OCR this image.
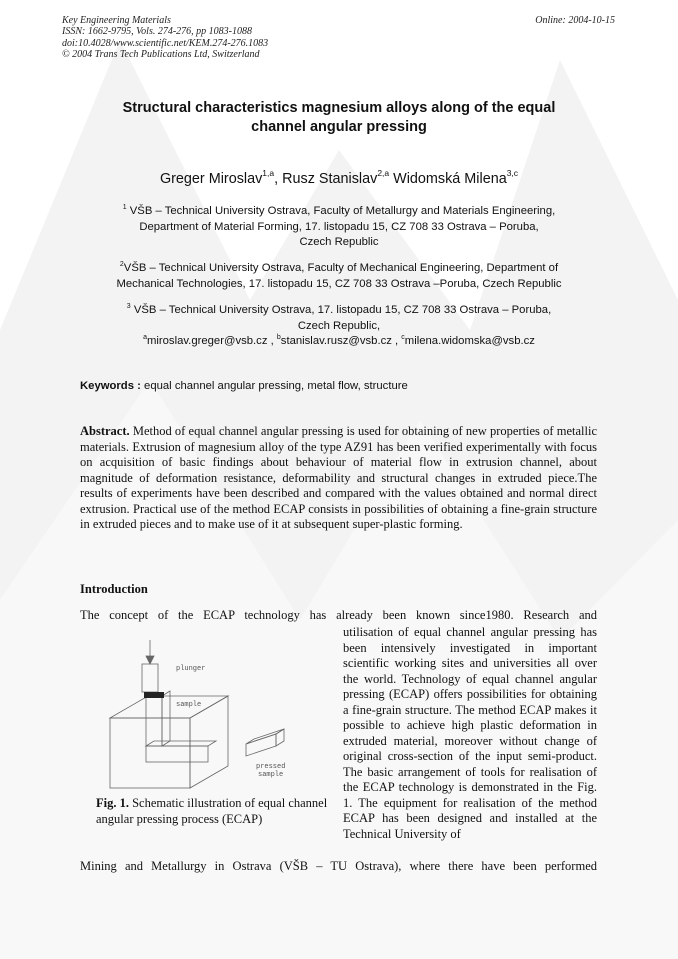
Key Engineering Materials
ISSN: 1662-9795, Vols. 274-276, pp 1083-1088
doi:10.4028/www.scientific.net/KEM.274-276.1083
© 2004 Trans Tech Publications Ltd, Switzerland
Online: 2004-10-15
Structural characteristics magnesium alloys along of the equal
channel angular pressing
Greger Miroslav$^{1,a}$, Rusz Stanislav$^{2,a}$ Widomská Milena$^{3,c}$
$^1$ VŠB – Technical University Ostrava, Faculty of Metallurgy and Materials Engineering,
Department of Material Forming, 17. listopadu 15, CZ 708 33 Ostrava – Poruba,
Czech Republic
$^2$VŠB – Technical University Ostrava, Faculty of Mechanical Engineering, Department of
Mechanical Technologies, 17. listopadu 15, CZ 708 33 Ostrava –Poruba, Czech Republic
$^3$ VŠB – Technical University Ostrava, 17. listopadu 15, CZ 708 33 Ostrava – Poruba,
Czech Republic,
$^a$miroslav.greger@vsb.cz , $^b$stanislav.rusz@vsb.cz , $^c$milena.widomska@vsb.cz
Keywords : equal channel angular pressing, metal flow, structure
Abstract. Method of equal channel angular pressing is used for obtaining of new properties of metallic materials. Extrusion of magnesium alloy of the type AZ91 has been verified experimentally with focus on acquisition of basic findings about behaviour of material flow in extrusion channel, about magnitude of deformation resistance, deformability and structural changes in extruded piece.The results of experiments have been described and compared with the values obtained and normal direct extrusion. Practical use of the method ECAP consists in possibilities of obtaining a fine-grain structure in extruded pieces and to make use of it at subsequent super-plastic forming.
Introduction
The concept of the ECAP technology has already been known since1980. Research and
utilisation of equal channel angular pressing has been intensively investigated in important scientific working sites and universities all over the world. Technology of equal channel angular pressing (ECAP) offers possibilities for obtaining a fine-grain structure. The method ECAP makes it possible to achieve high plastic deformation in extruded material, moreover without change of original cross-section of the input semi-product. The basic arrangement of tools for realisation of the ECAP technology is demonstrated in the Fig. 1. The equipment for realisation of the method ECAP has been designed and installed at the Technical University of
plunger
sample
pressed
sample
Fig. 1. Schematic illustration of equal channel angular pressing process (ECAP)
Mining and Metallurgy in Ostrava (VŠB – TU Ostrava), where there have been performed
